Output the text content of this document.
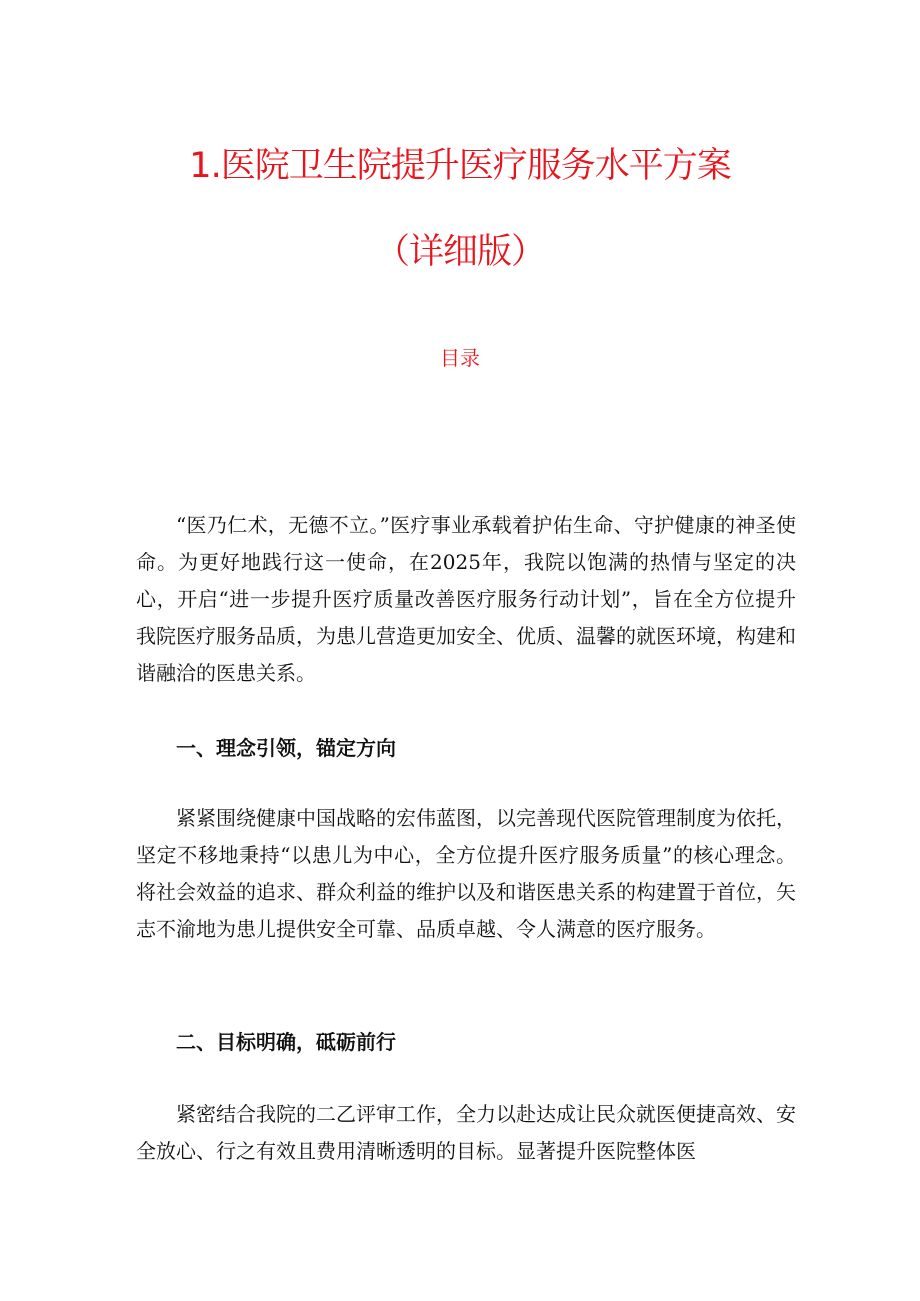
1.医院卫生院提升医疗服务水平方案
（详细版）
目录

“医乃仁术，无德不立。”医疗事业承载着护佑生命、守护健康的神圣使命。为更好地践行这一使命，在2025年，我院以饱满的热情与坚定的决心，开启“进一步提升医疗质量改善医疗服务行动计划”，旨在全方位提升我院医疗服务品质，为患儿营造更加安全、优质、温馨的就医环境，构建和谐融洽的医患关系。

一、理念引领，锚定方向

紧紧围绕健康中国战略的宏伟蓝图，以完善现代医院管理制度为依托，坚定不移地秉持“以患儿为中心，全方位提升医疗服务质量”的核心理念。将社会效益的追求、群众利益的维护以及和谐医患关系的构建置于首位，矢志不渝地为患儿提供安全可靠、品质卓越、令人满意的医疗服务。

二、目标明确，砥砺前行

紧密结合我院的二乙评审工作，全力以赴达成让民众就医便捷高效、安全放心、行之有效且费用清晰透明的目标。显著提升医院整体医
